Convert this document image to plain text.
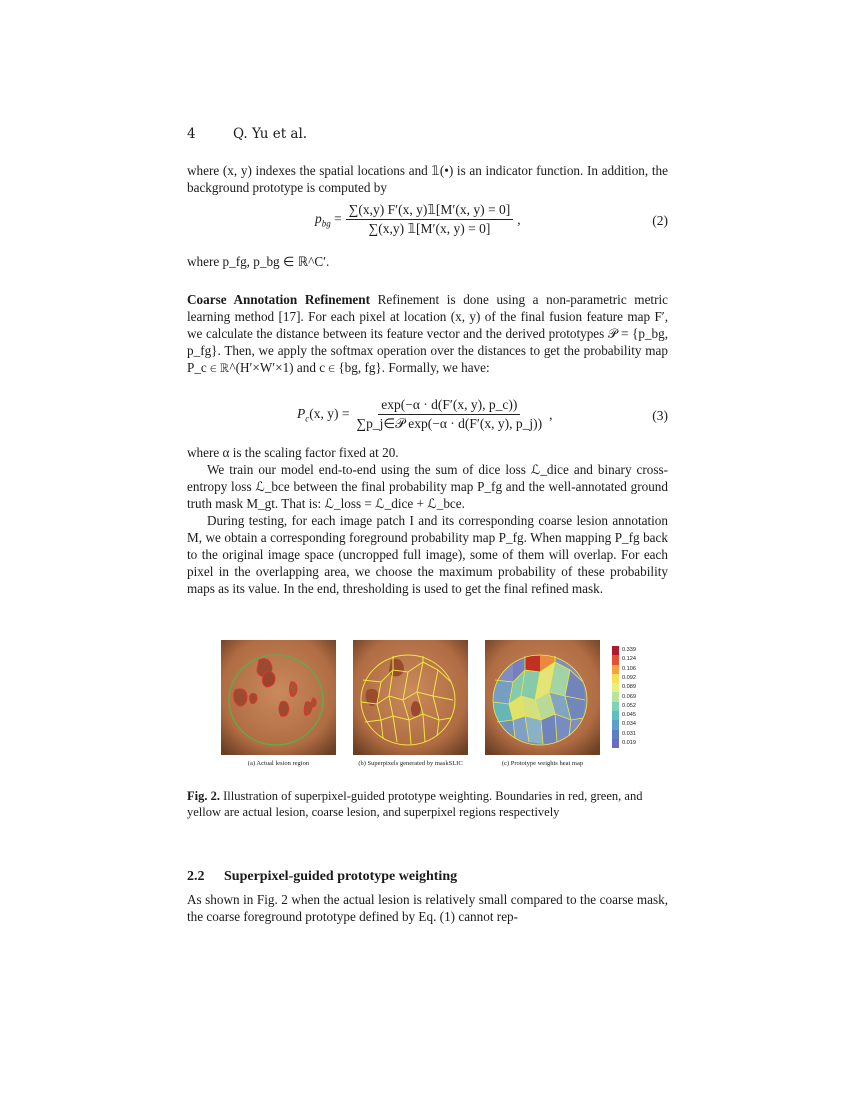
4	Q. Yu et al.
where (x, y) indexes the spatial locations and 𝟙(•) is an indicator function. In addition, the background prototype is computed by
$p_{bg} = \frac{\sum(x,y) F'(x, y)𝟙[M'(x, y) = 0]}{\sum(x,y) 𝟙[M'(x, y) = 0]}$ ,	(2)
where p_fg, p_bg ∈ ℝ^C′.
Coarse Annotation Refinement Refinement is done using a non-parametric metric learning method [17]. For each pixel at location (x, y) of the final fusion feature map F′, we calculate the distance between its feature vector and the derived prototypes 𝒫 = {p_bg, p_fg}. Then, we apply the softmax operation over the distances to get the probability map P_c ∈ ℝ^(H′×W′×1) and c ∈ {bg, fg}. Formally, we have:
$P_c(x$, $y) = \frac{\exp(-\alpha \cdot d(F'(x, y), p\_c))}{\text{∑p\_j∈𝒫 exp(−α · d(F′(x, y), p\_j))}}$ ,	(3)
where α is the scaling factor fixed at 20.
We train our model end-to-end using the sum of dice loss ℒ_dice and binary cross-entropy loss ℒ_bce between the final probability map P_fg and the well-annotated ground truth mask M_gt. That is: ℒ_loss = ℒ_dice + ℒ_bce.
During testing, for each image patch I and its corresponding coarse lesion annotation M, we obtain a corresponding foreground probability map P_fg. When mapping P_fg back to the original image space (uncropped full image), some of them will overlap. For each pixel in the overlapping area, we choose the maximum probability of these probability maps as its value. In the end, thresholding is used to get the final refined mask.
(a) Actual lesion region	(b) Superpixels generated by maskSLIC	(c) Prototype weights heat map
0.339
0.124
0.106
0.092
0.089
0.069
0.052
0.045
0.034
0.031
0.019
Fig. 2. Illustration of superpixel-guided prototype weighting. Boundaries in red, green, and yellow are actual lesion, coarse lesion, and superpixel regions respectively
2.2 Superpixel-guided prototype weighting
As shown in Fig. 2 when the actual lesion is relatively small compared to the coarse mask, the coarse foreground prototype defined by Eq. (1) cannot rep-
